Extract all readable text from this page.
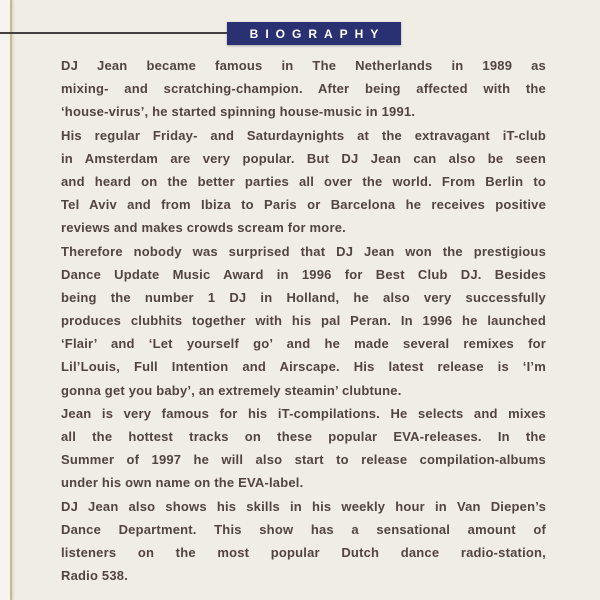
BIOGRAPHY
DJ Jean became famous in The Netherlands in 1989 as
mixing- and scratching-champion. After being affected with the
‘house-virus’, he started spinning house-music in 1991.
His regular Friday- and Saturdaynights at the extravagant iT-club
in Amsterdam are very popular. But DJ Jean can also be seen
and heard on the better parties all over the world. From Berlin to
Tel Aviv and from Ibiza to Paris or Barcelona he receives positive
reviews and makes crowds scream for more.
Therefore nobody was surprised that DJ Jean won the prestigious
Dance Update Music Award in 1996 for Best Club DJ. Besides
being the number 1 DJ in Holland, he also very successfully
produces clubhits together with his pal Peran. In 1996 he launched
‘Flair’ and ‘Let yourself go’ and he made several remixes for
Lil’Louis, Full Intention and Airscape. His latest release is ‘I’m
gonna get you baby’, an extremely steamin’ clubtune.
Jean is very famous for his iT-compilations. He selects and mixes
all the hottest tracks on these popular EVA-releases. In the
Summer of 1997 he will also start to release compilation-albums
under his own name on the EVA-label.
DJ Jean also shows his skills in his weekly hour in Van Diepen’s
Dance Department. This show has a sensational amount of
listeners on the most popular Dutch dance radio-station,
Radio 538.
